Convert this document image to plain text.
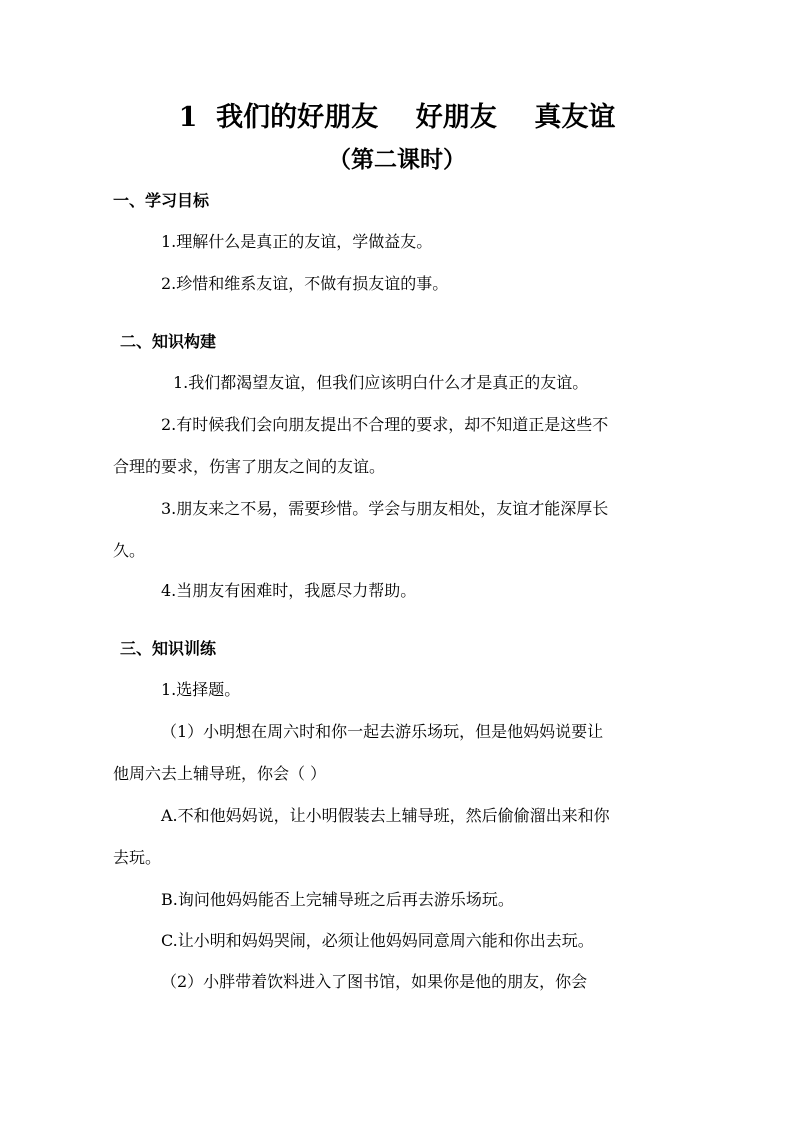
1  我们的好朋友    好朋友    真友谊
（第二课时）
一、学习目标
1.理解什么是真正的友谊，学做益友。
2.珍惜和维系友谊，不做有损友谊的事。
二、知识构建
1.我们都渴望友谊，但我们应该明白什么才是真正的友谊。
2.有时候我们会向朋友提出不合理的要求，却不知道正是这些不
合理的要求，伤害了朋友之间的友谊。
3.朋友来之不易，需要珍惜。学会与朋友相处，友谊才能深厚长
久。
4.当朋友有困难时，我愿尽力帮助。
三、知识训练
1.选择题。
（1）小明想在周六时和你一起去游乐场玩，但是他妈妈说要让
他周六去上辅导班，你会（ ）
A.不和他妈妈说，让小明假装去上辅导班，然后偷偷溜出来和你
去玩。
B.询问他妈妈能否上完辅导班之后再去游乐场玩。
C.让小明和妈妈哭闹，必须让他妈妈同意周六能和你出去玩。
（2）小胖带着饮料进入了图书馆，如果你是他的朋友，你会
